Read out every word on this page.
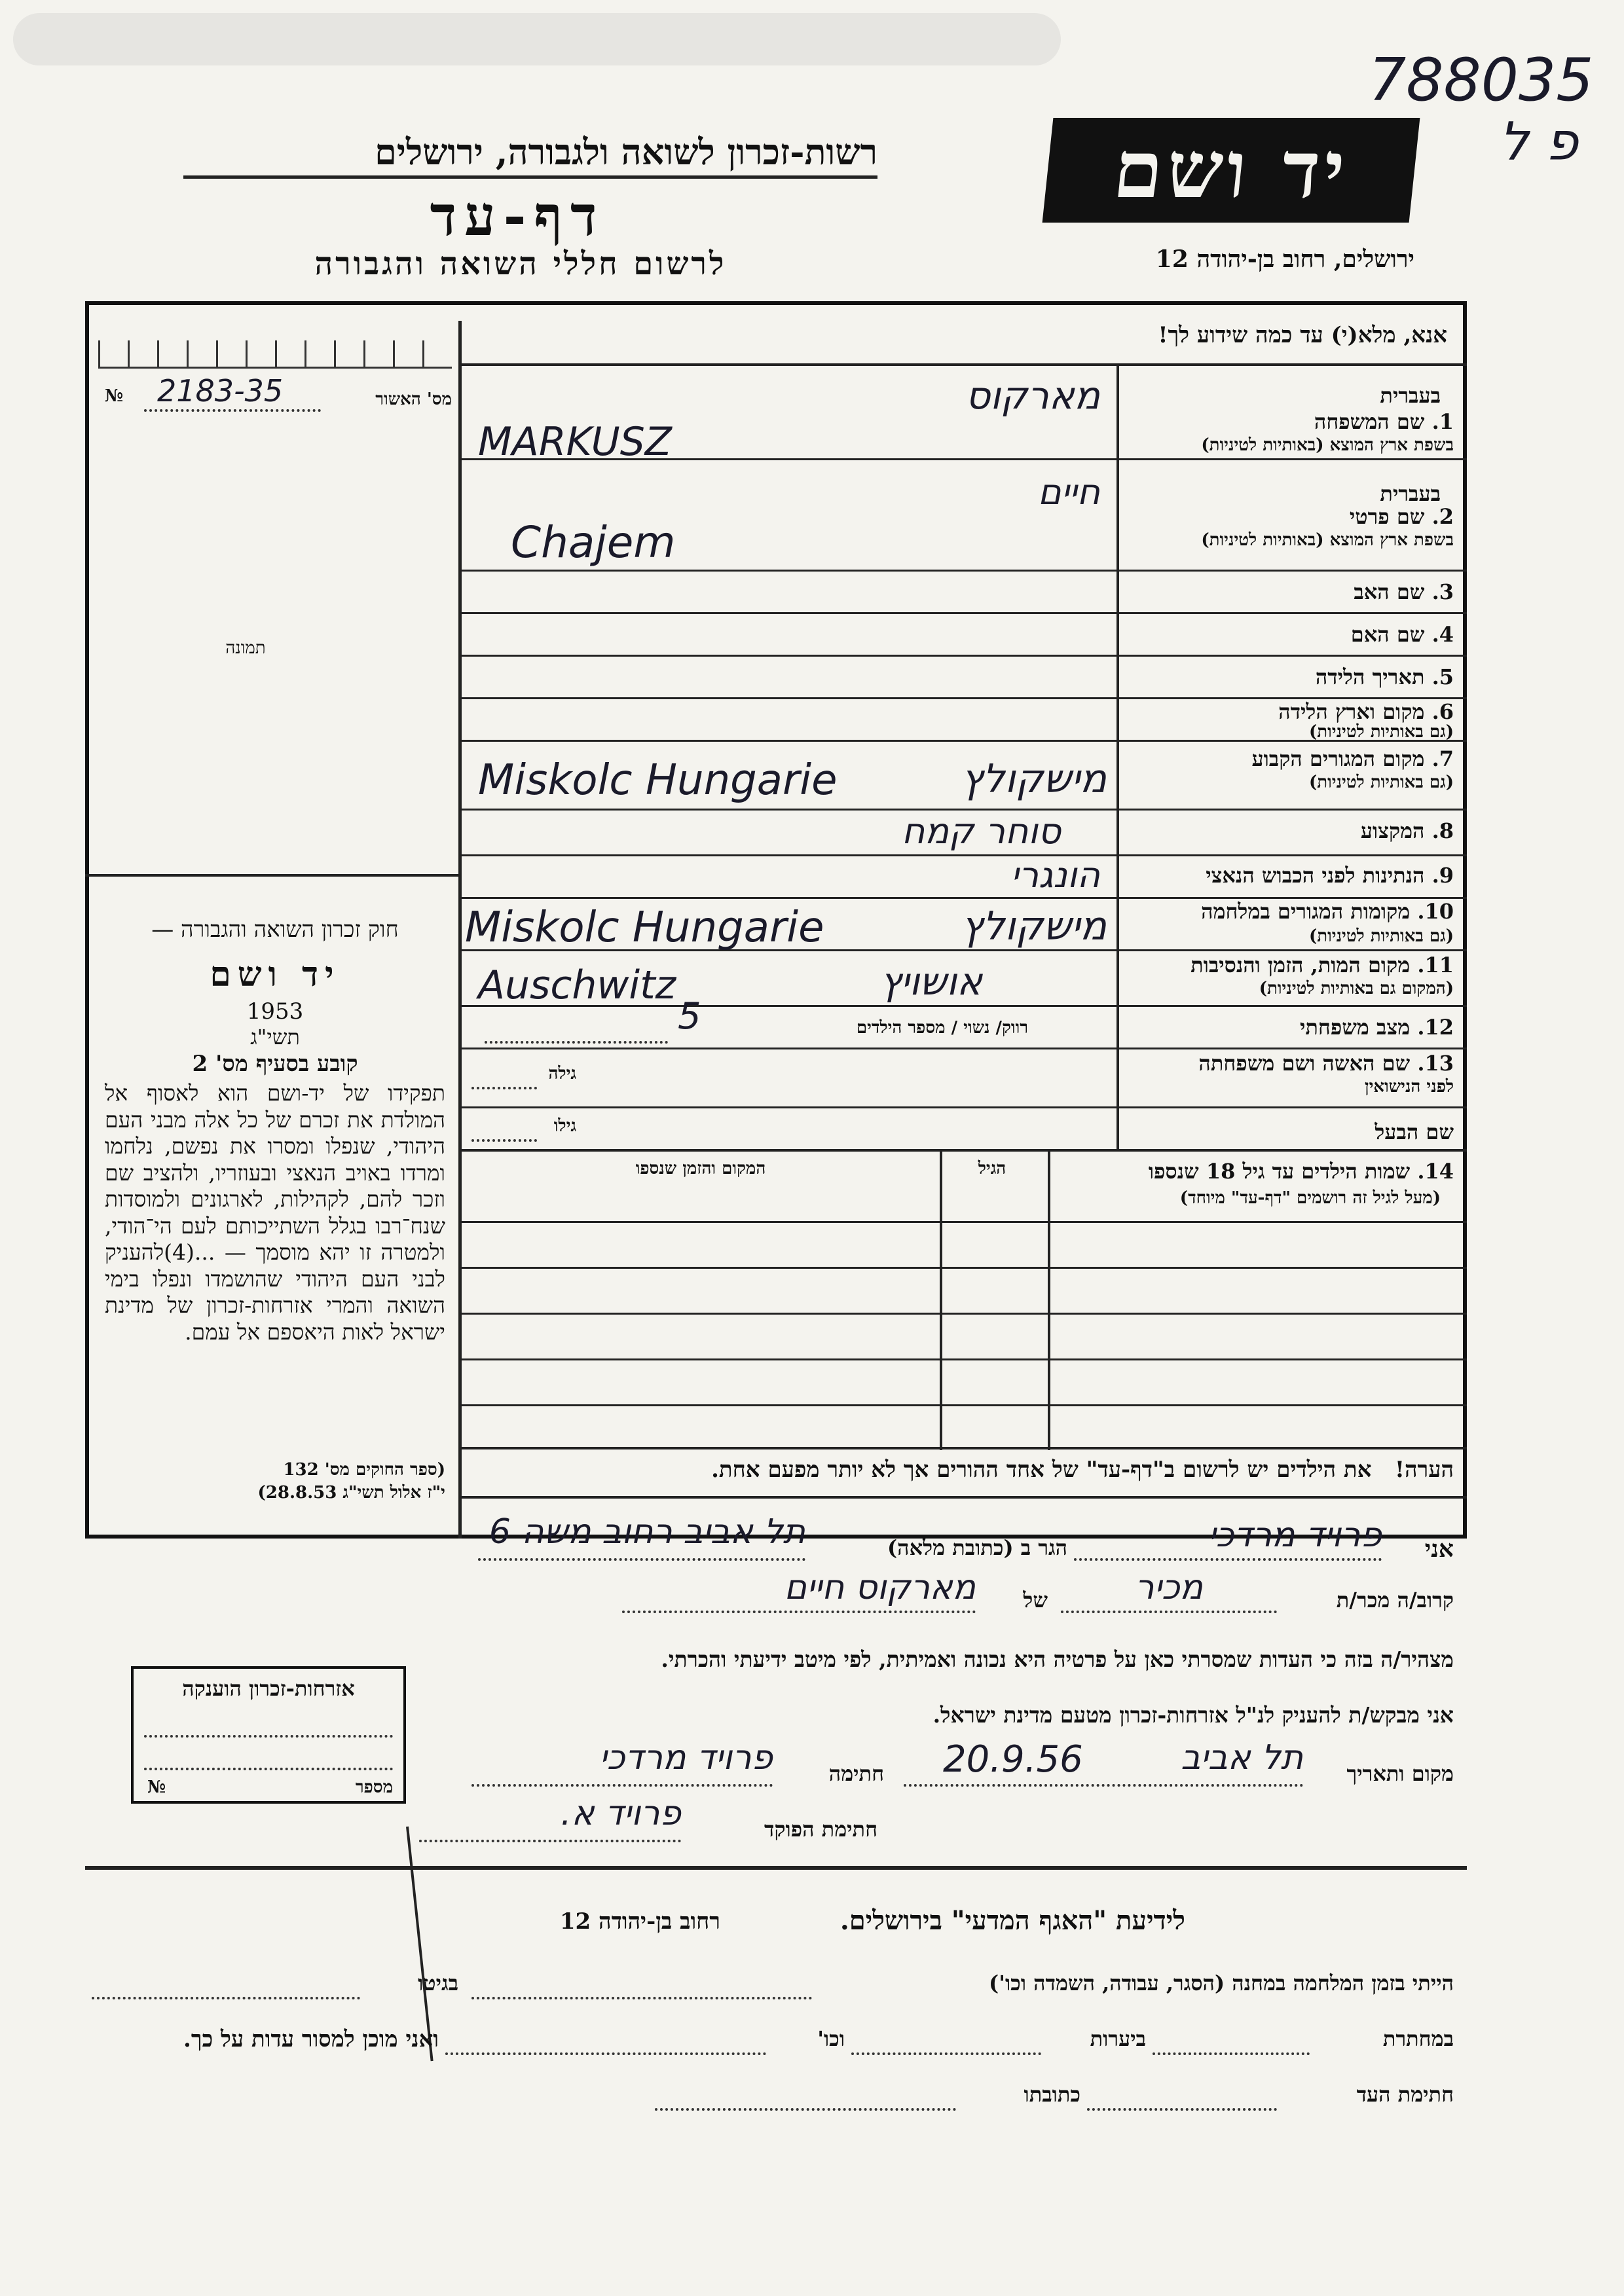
788035
פ ל
רשות-זכרון לשואה ולגבורה, ירושלים
דף-עד
לרשום חללי השואה והגבורה
יד ושם
ירושלים, רחוב בן-יהודה 12
אנא, מלא(י) עד כמה שידוע לך!
№ 2183-35	מס' האשור
תמונה
בעברית
1. שם המשפחה
בשפת ארץ המוצא (באותיות לטיניות)
מארקוס
MARKUSZ
בעברית
2. שם פרטי
בשפת ארץ המוצא (באותיות לטיניות)
חיים
Chajem
3. שם האב
4. שם האם
5. תאריך הלידה
6. מקום וארץ הלידה
(גם באותיות לטיניות)
7. מקום המגורים הקבוע
(גם באותיות לטיניות)
Miskolc Hungarie	מישקולץ
8. המקצוע
סוחר קמח
9. הנתינות לפני הכבוש הנאצי
הונגרי
10. מקומות המגורים במלחמה
(גם באותיות לטיניות)
Miskolc Hungarie	מישקולץ
11. מקום המות, הזמן והנסיבות
(המקום גם באותיות לטיניות)
Auschwitz	אושויץ
12. מצב משפחתי
רווק/ נשוי / מספר הילדים
5
13. שם האשה ושם משפחתה
לפני הנישואין
גילה
שם הבעל
גילו
14. שמות הילדים עד גיל 18 שנספו
(מעל לגיל זה רושמים "דף-עד" מיוחד)
הגיל
המקום והזמן שנספו
הערה!   את הילדים יש לרשום ב"דף-עד" של אחד ההורים אך לא יותר מפעם אחת.
חוק זכרון השואה והגבורה —
יד ושם
1953
תשי"ג
קובע בסעיף מס' 2
תפקידו של יד-ושם הוא לאסוף אל המולדת את זכרם של כל אלה מבני העם היהודי, שנפלו ומסרו את נפשם, נלחמו ומרדו באויב הנאצי ובעוזריו, ולהציב שם וזכר להם, לקהילות, לארגונים ולמוסדות שנח־רבו בגלל השתייכותם לעם הי־הודי, ולמטרה זו יהא מוסמך — ...(4)להעניק לבני העם היהודי שהושמדו ונפלו בימי השואה והמרי אזרחות-זכרון של מדינת ישראל לאות היאספם אל עמם.
(ספר החוקים מס' 132
י"ז אלול תשי"ג 28.8.53)
אני
פרויד מרדכי
הגר ב (כתובת מלאה)
תל אביב רחוב משה 6
קרוב/ה מכר/ת
מכיר
של
מארקוס חיים
מצהיר/ה בזה כי העדות שמסרתי כאן על פרטיה היא נכונה ואמיתית, לפי מיטב ידיעתי והכרתי.
אני מבקש/ת להעניק לנ"ל אזרחות-זכרון מטעם מדינת ישראל.
מקום ותאריך
תל אביב
20.9.56
חתימה
פרויד מרדכי
חתימת הפוקד
פרויד א.
אזרחות-זכרון הוענקה
№	מספר
לידיעת "האגף המדעי" בירושלים.
רחוב בן-יהודה 12
הייתי בזמן המלחמה במחנה (הסגר, עבודה, השמדה וכו')
בגיטו
במחתרת
ביערות
וכו'
ואני מוכן למסור עדות על כך.
חתימת העד
כתובתו
